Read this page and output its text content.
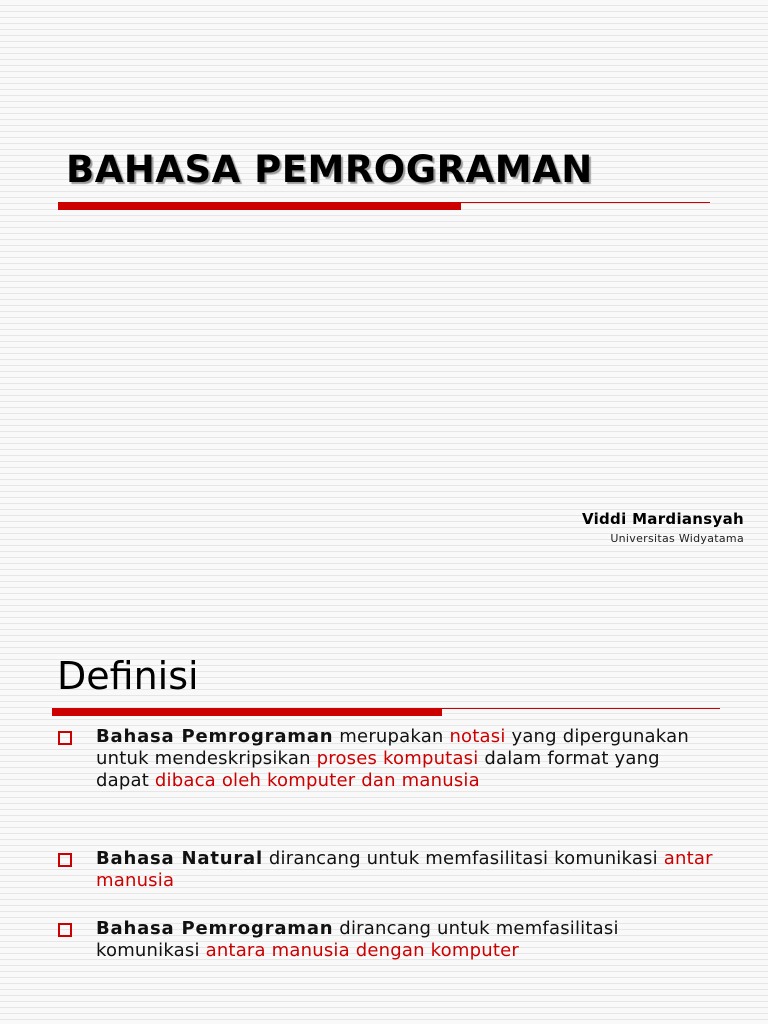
BAHASA PEMROGRAMAN
Viddi Mardiansyah
Universitas Widyatama
Definisi
Bahasa Pemrograman merupakan notasi yang dipergunakan untuk mendeskripsikan proses komputasi dalam format yang dapat dibaca oleh komputer dan manusia
Bahasa Natural dirancang untuk memfasilitasi komunikasi antar manusia
Bahasa Pemrograman dirancang untuk memfasilitasi komunikasi antara manusia dengan komputer
